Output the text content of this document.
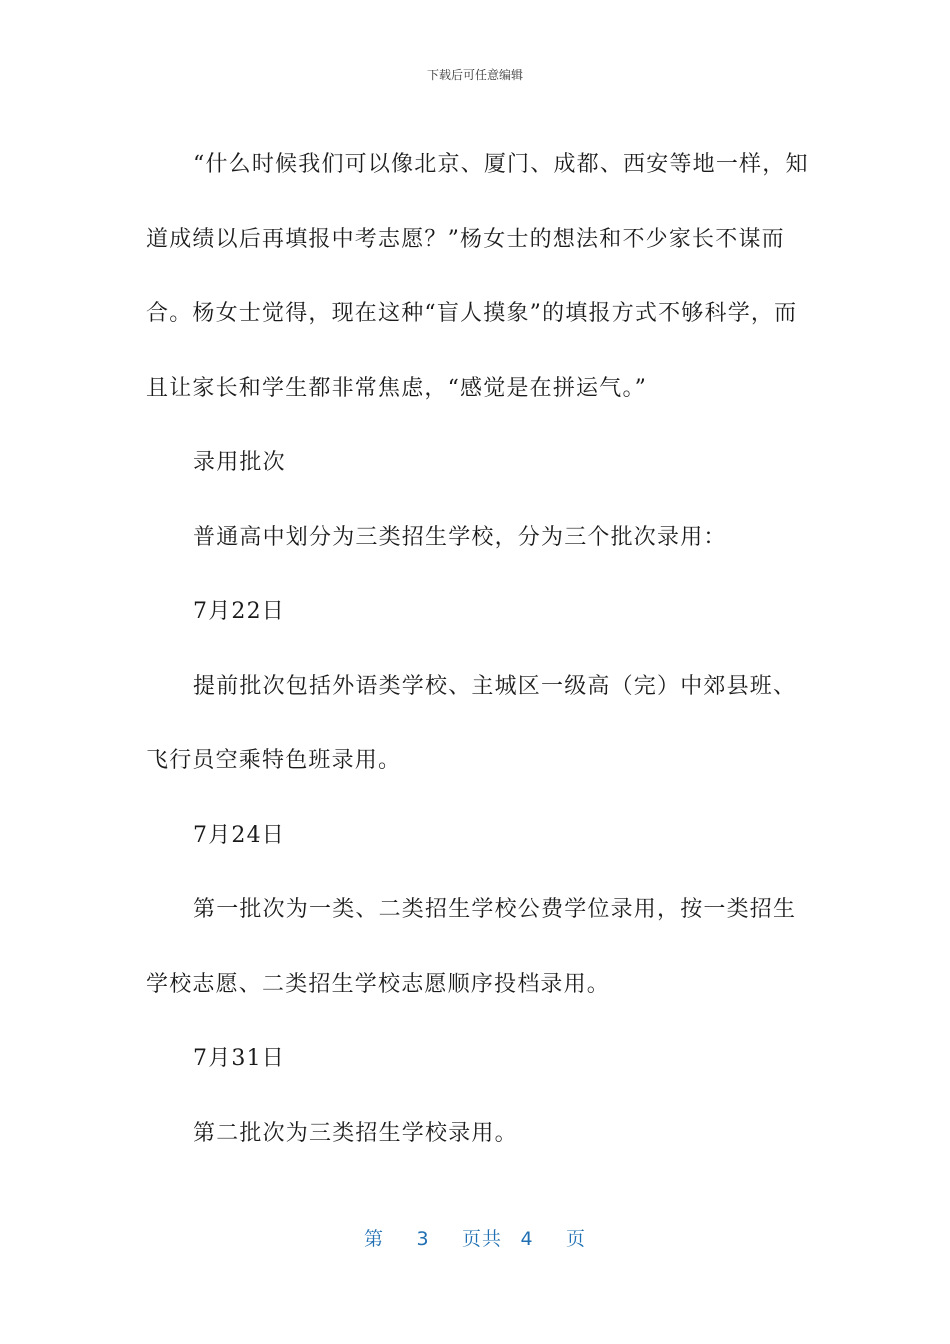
下载后可任意编辑

“什么时候我们可以像北京、厦门、成都、西安等地一样，知道成绩以后再填报中考志愿？”杨女士的想法和不少家长不谋而合。杨女士觉得，现在这种“盲人摸象”的填报方式不够科学，而且让家长和学生都非常焦虑，“感觉是在拼运气。”

录用批次

普通高中划分为三类招生学校，分为三个批次录用：

7月22日

提前批次包括外语类学校、主城区一级高（完）中郊县班、飞行员空乘特色班录用。

7月24日

第一批次为一类、二类招生学校公费学位录用，按一类招生学校志愿、二类招生学校志愿顺序投档录用。

7月31日

第二批次为三类招生学校录用。

第 3 页共 4 页
